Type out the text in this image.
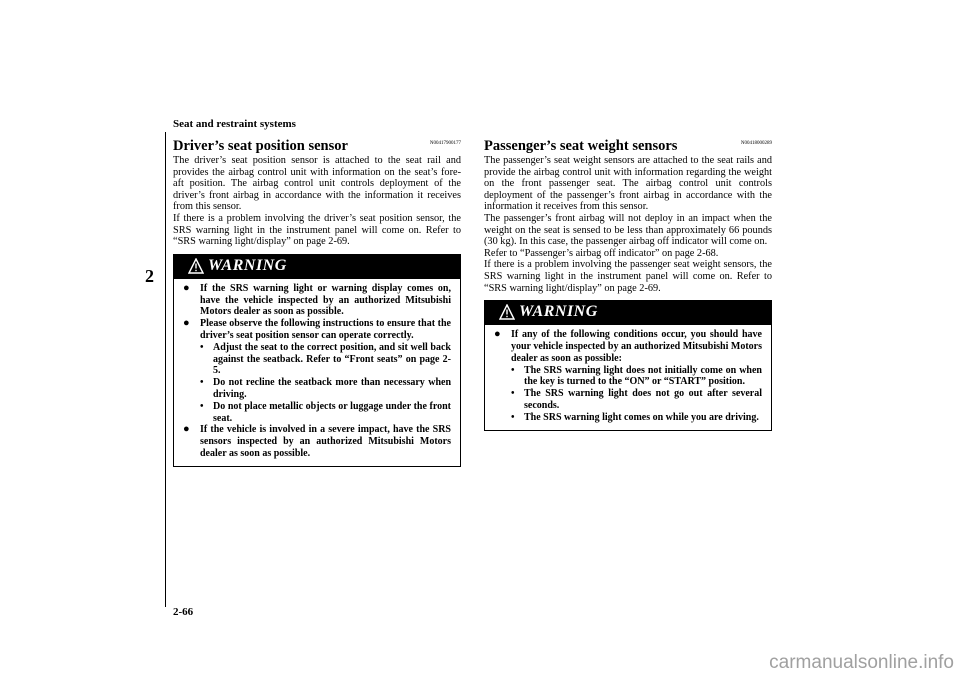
Seat and restraint systems
2
Driver’s seat position sensor	N00417900177

The driver’s seat position sensor is attached to the seat rail and provides the airbag control unit with information on the seat’s fore-aft position. The airbag control unit controls deployment of the driver’s front airbag in accordance with the information it receives from this sensor.

If there is a problem involving the driver’s seat position sensor, the SRS warning light in the instrument panel will come on. Refer to “SRS warning light/display” on page 2-69.

WARNING
● If the SRS warning light or warning display comes on, have the vehicle inspected by an authorized Mitsubishi Motors dealer as soon as possible.
● Please observe the following instructions to ensure that the driver’s seat position sensor can operate correctly.
• Adjust the seat to the correct position, and sit well back against the seatback. Refer to “Front seats” on page 2-5.
• Do not recline the seatback more than necessary when driving.
• Do not place metallic objects or luggage under the front seat.
● If the vehicle is involved in a severe impact, have the SRS sensors inspected by an authorized Mitsubishi Motors dealer as soon as possible.
Passenger’s seat weight sensors	N00418000289

The passenger’s seat weight sensors are attached to the seat rails and provide the airbag control unit with information regarding the weight on the front passenger seat. The airbag control unit controls deployment of the passenger’s front airbag in accordance with the information it receives from this sensor.

The passenger’s front airbag will not deploy in an impact when the weight on the seat is sensed to be less than approximately 66 pounds (30 kg). In this case, the passenger airbag off indicator will come on.

Refer to “Passenger’s airbag off indicator” on page 2-68.

If there is a problem involving the passenger seat weight sensors, the SRS warning light in the instrument panel will come on. Refer to “SRS warning light/display” on page 2-69.

WARNING
● If any of the following conditions occur, you should have your vehicle inspected by an authorized Mitsubishi Motors dealer as soon as possible:
• The SRS warning light does not initially come on when the key is turned to the “ON” or “START” position.
• The SRS warning light does not go out after several seconds.
• The SRS warning light comes on while you are driving.
2-66
carmanualsonline.info
